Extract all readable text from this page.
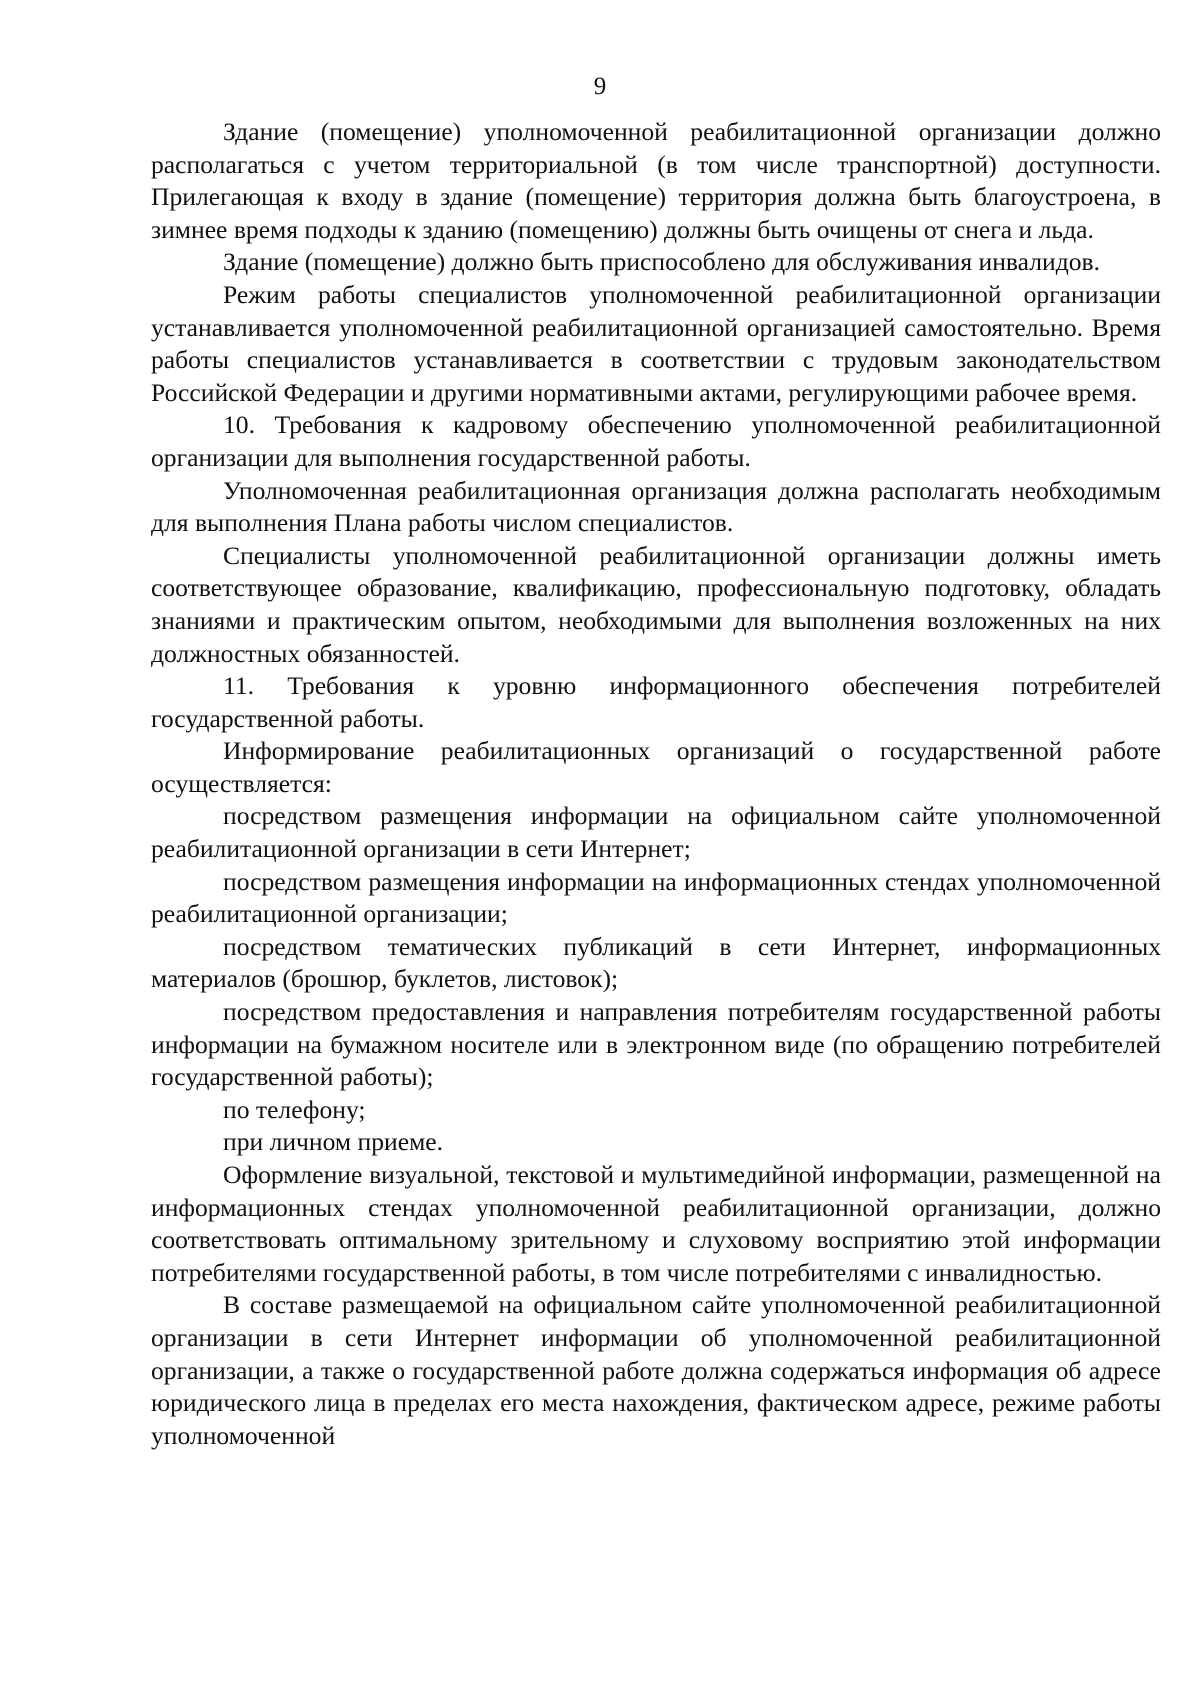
9

Здание (помещение) уполномоченной реабилитационной организации должно располагаться с учетом территориальной (в том числе транспортной) доступности. Прилегающая к входу в здание (помещение) территория должна быть благоустроена, в зимнее время подходы к зданию (помещению) должны быть очищены от снега и льда.

Здание (помещение) должно быть приспособлено для обслуживания инвалидов.

Режим работы специалистов уполномоченной реабилитационной организации устанавливается уполномоченной реабилитационной организацией самостоятельно. Время работы специалистов устанавливается в соответствии с трудовым законодательством Российской Федерации и другими нормативными актами, регулирующими рабочее время.

10. Требования к кадровому обеспечению уполномоченной реабилитационной организации для выполнения государственной работы.

Уполномоченная реабилитационная организация должна располагать необходимым для выполнения Плана работы числом специалистов.

Специалисты уполномоченной реабилитационной организации должны иметь соответствующее образование, квалификацию, профессиональную подготовку, обладать знаниями и практическим опытом, необходимыми для выполнения возложенных на них должностных обязанностей.

11. Требования к уровню информационного обеспечения потребителей государственной работы.

Информирование реабилитационных организаций о государственной работе осуществляется:

посредством размещения информации на официальном сайте уполномоченной реабилитационной организации в сети Интернет;

посредством размещения информации на информационных стендах уполномоченной реабилитационной организации;

посредством тематических публикаций в сети Интернет, информационных материалов (брошюр, буклетов, листовок);

посредством предоставления и направления потребителям государственной работы информации на бумажном носителе или в электронном виде (по обращению потребителей государственной работы);

по телефону;

при личном приеме.

Оформление визуальной, текстовой и мультимедийной информации, размещенной на информационных стендах уполномоченной реабилитационной организации, должно соответствовать оптимальному зрительному и слуховому восприятию этой информации потребителями государственной работы, в том числе потребителями с инвалидностью.

В составе размещаемой на официальном сайте уполномоченной реабилитационной организации в сети Интернет информации об уполномоченной реабилитационной организации, а также о государственной работе должна содержаться информация об адресе юридического лица в пределах его места нахождения, фактическом адресе, режиме работы уполномоченной
